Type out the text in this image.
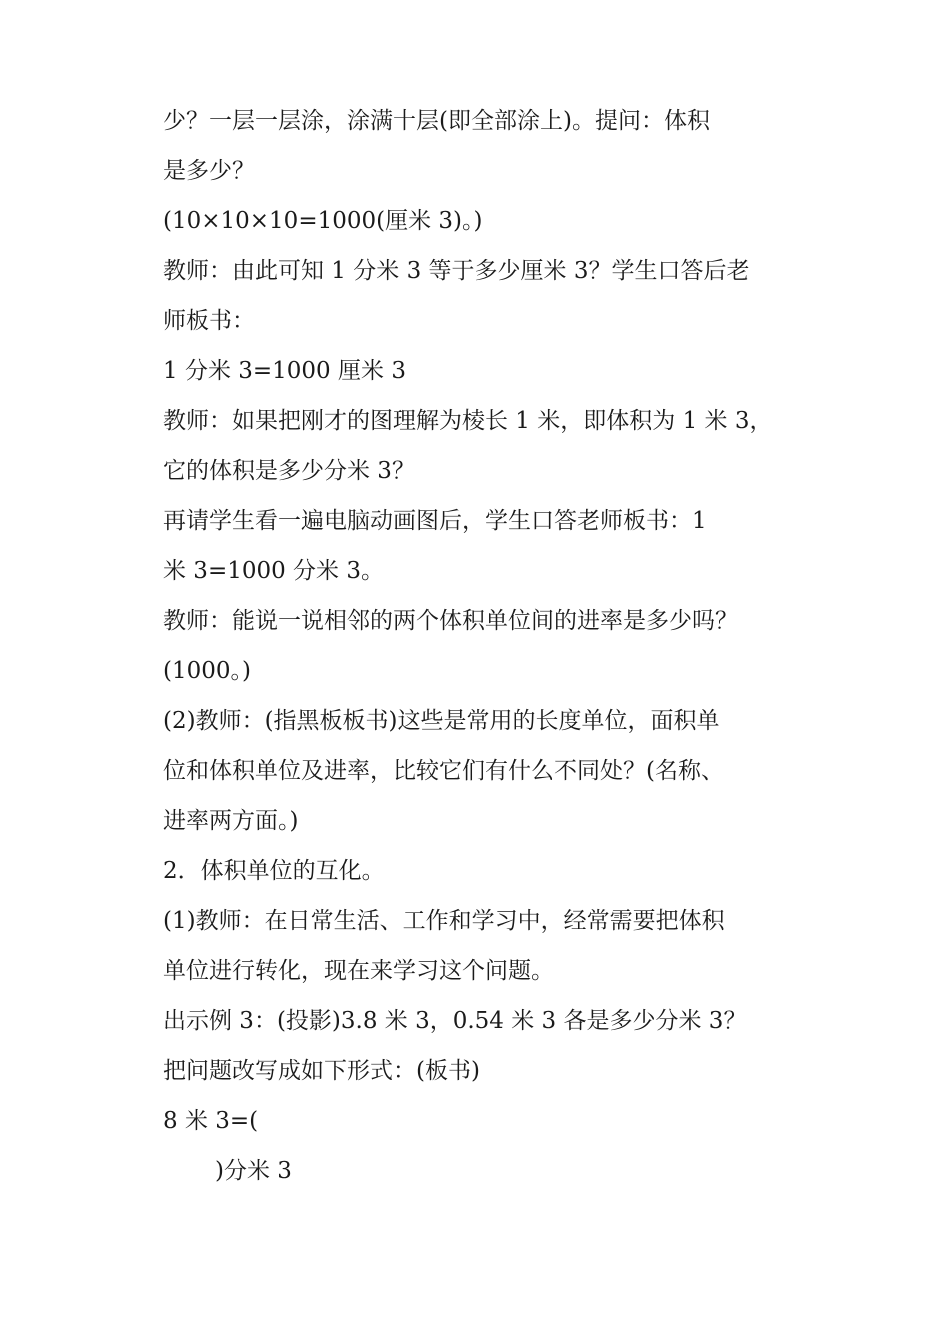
少？一层一层涂，涂满十层(即全部涂上)。提问：体积
是多少？
(10×10×10=1000(厘米 3)。)
教师：由此可知 1 分米 3 等于多少厘米 3？学生口答后老
师板书：
1 分米 3=1000 厘米 3
教师：如果把刚才的图理解为棱长 1 米，即体积为 1 米 3，
它的体积是多少分米 3？
再请学生看一遍电脑动画图后，学生口答老师板书：1
米 3=1000 分米 3。
教师：能说一说相邻的两个体积单位间的进率是多少吗？
(1000。)
(2)教师：(指黑板板书)这些是常用的长度单位，面积单
位和体积单位及进率，比较它们有什么不同处？(名称、
进率两方面。)
2．体积单位的互化。
(1)教师：在日常生活、工作和学习中，经常需要把体积
单位进行转化，现在来学习这个问题。
出示例 3：(投影)3.8 米 3，0.54 米 3 各是多少分米 3？
把问题改写成如下形式：(板书)
8 米 3=(
)分米 3
